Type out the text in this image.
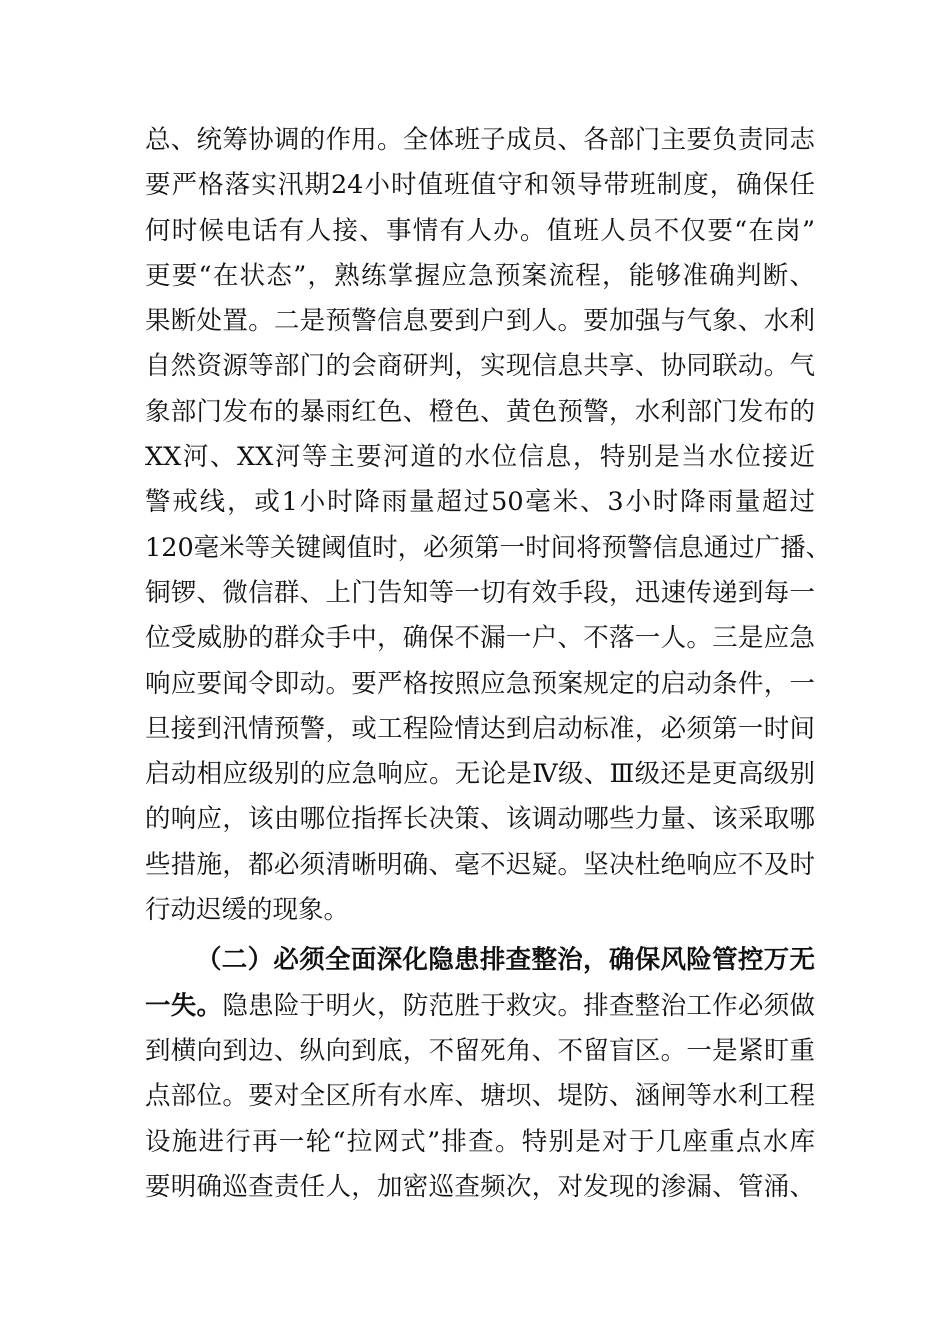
总、统筹协调的作用。全体班子成员、各部门主要负责同志
要严格落实汛期24小时值班值守和领导带班制度，确保任
何时候电话有人接、事情有人办。值班人员不仅要“在岗”
更要“在状态”，熟练掌握应急预案流程，能够准确判断、
果断处置。二是预警信息要到户到人。要加强与气象、水利
自然资源等部门的会商研判，实现信息共享、协同联动。气
象部门发布的暴雨红色、橙色、黄色预警，水利部门发布的
XX河、XX河等主要河道的水位信息，特别是当水位接近
警戒线，或1小时降雨量超过50毫米、3小时降雨量超过
120毫米等关键阈值时，必须第一时间将预警信息通过广播、
铜锣、微信群、上门告知等一切有效手段，迅速传递到每一
位受威胁的群众手中，确保不漏一户、不落一人。三是应急
响应要闻令即动。要严格按照应急预案规定的启动条件，一
旦接到汛情预警，或工程险情达到启动标准，必须第一时间
启动相应级别的应急响应。无论是Ⅳ级、Ⅲ级还是更高级别
的响应，该由哪位指挥长决策、该调动哪些力量、该采取哪
些措施，都必须清晰明确、毫不迟疑。坚决杜绝响应不及时
行动迟缓的现象。
（二）必须全面深化隐患排查整治，确保风险管控万无
一失。隐患险于明火，防范胜于救灾。排查整治工作必须做
到横向到边、纵向到底，不留死角、不留盲区。一是紧盯重
点部位。要对全区所有水库、塘坝、堤防、涵闸等水利工程
设施进行再一轮“拉网式”排查。特别是对于几座重点水库
要明确巡查责任人，加密巡查频次，对发现的渗漏、管涌、
